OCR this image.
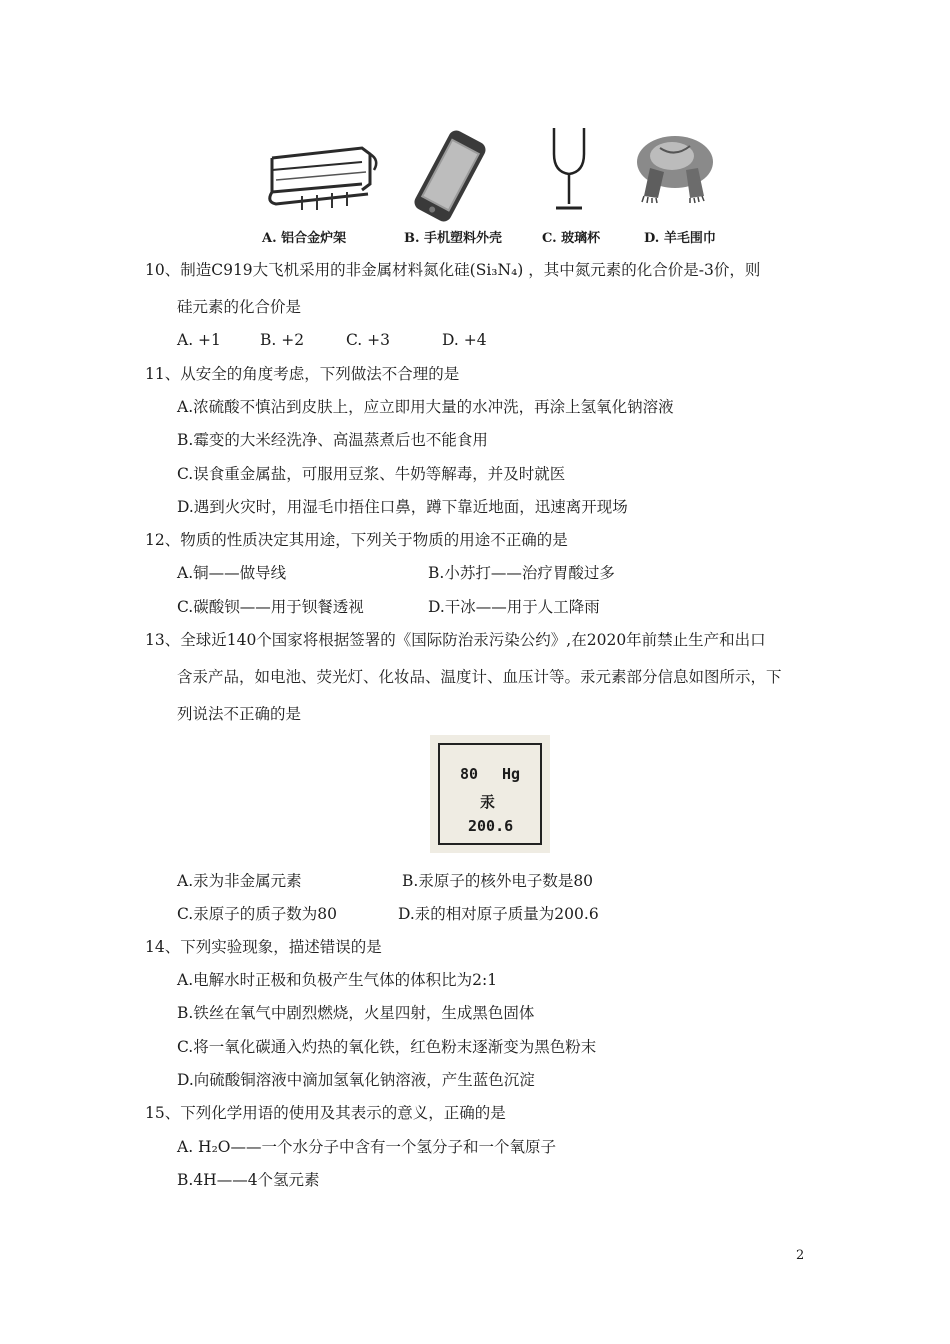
A. 铝合金炉架	B. 手机塑料外壳	C. 玻璃杯	D. 羊毛围巾
10、制造C919大飞机采用的非金属材料氮化硅(Si₃N₄) ，其中氮元素的化合价是-3价，则
硅元素的化合价是
A. +1	B. +2	C. +3	D. +4
11、从安全的角度考虑，下列做法不合理的是
A.浓硫酸不慎沾到皮肤上，应立即用大量的水冲洗，再涂上氢氧化钠溶液
B.霉变的大米经洗净、高温蒸煮后也不能食用
C.误食重金属盐，可服用豆浆、牛奶等解毒，并及时就医
D.遇到火灾时，用湿毛巾捂住口鼻，蹲下靠近地面，迅速离开现场
12、物质的性质决定其用途，下列关于物质的用途不正确的是
A.铜——做导线	B.小苏打——治疗胃酸过多
C.碳酸钡——用于钡餐透视	D.干冰——用于人工降雨
13、全球近140个国家将根据签署的《国际防治汞污染公约》,在2020年前禁止生产和出口
含汞产品，如电池、荧光灯、化妆品、温度计、血压计等。汞元素部分信息如图所示，下
列说法不正确的是
80 Hg
汞
200.6
A.汞为非金属元素	B.汞原子的核外电子数是80
C.汞原子的质子数为80	D.汞的相对原子质量为200.6
14、下列实验现象，描述错误的是
A.电解水时正极和负极产生气体的体积比为2:1
B.铁丝在氧气中剧烈燃烧，火星四射，生成黑色固体
C.将一氧化碳通入灼热的氧化铁，红色粉末逐渐变为黑色粉末
D.向硫酸铜溶液中滴加氢氧化钠溶液，产生蓝色沉淀
15、下列化学用语的使用及其表示的意义，正确的是
A. H₂O——一个水分子中含有一个氢分子和一个氧原子
B.4H——4个氢元素
2
